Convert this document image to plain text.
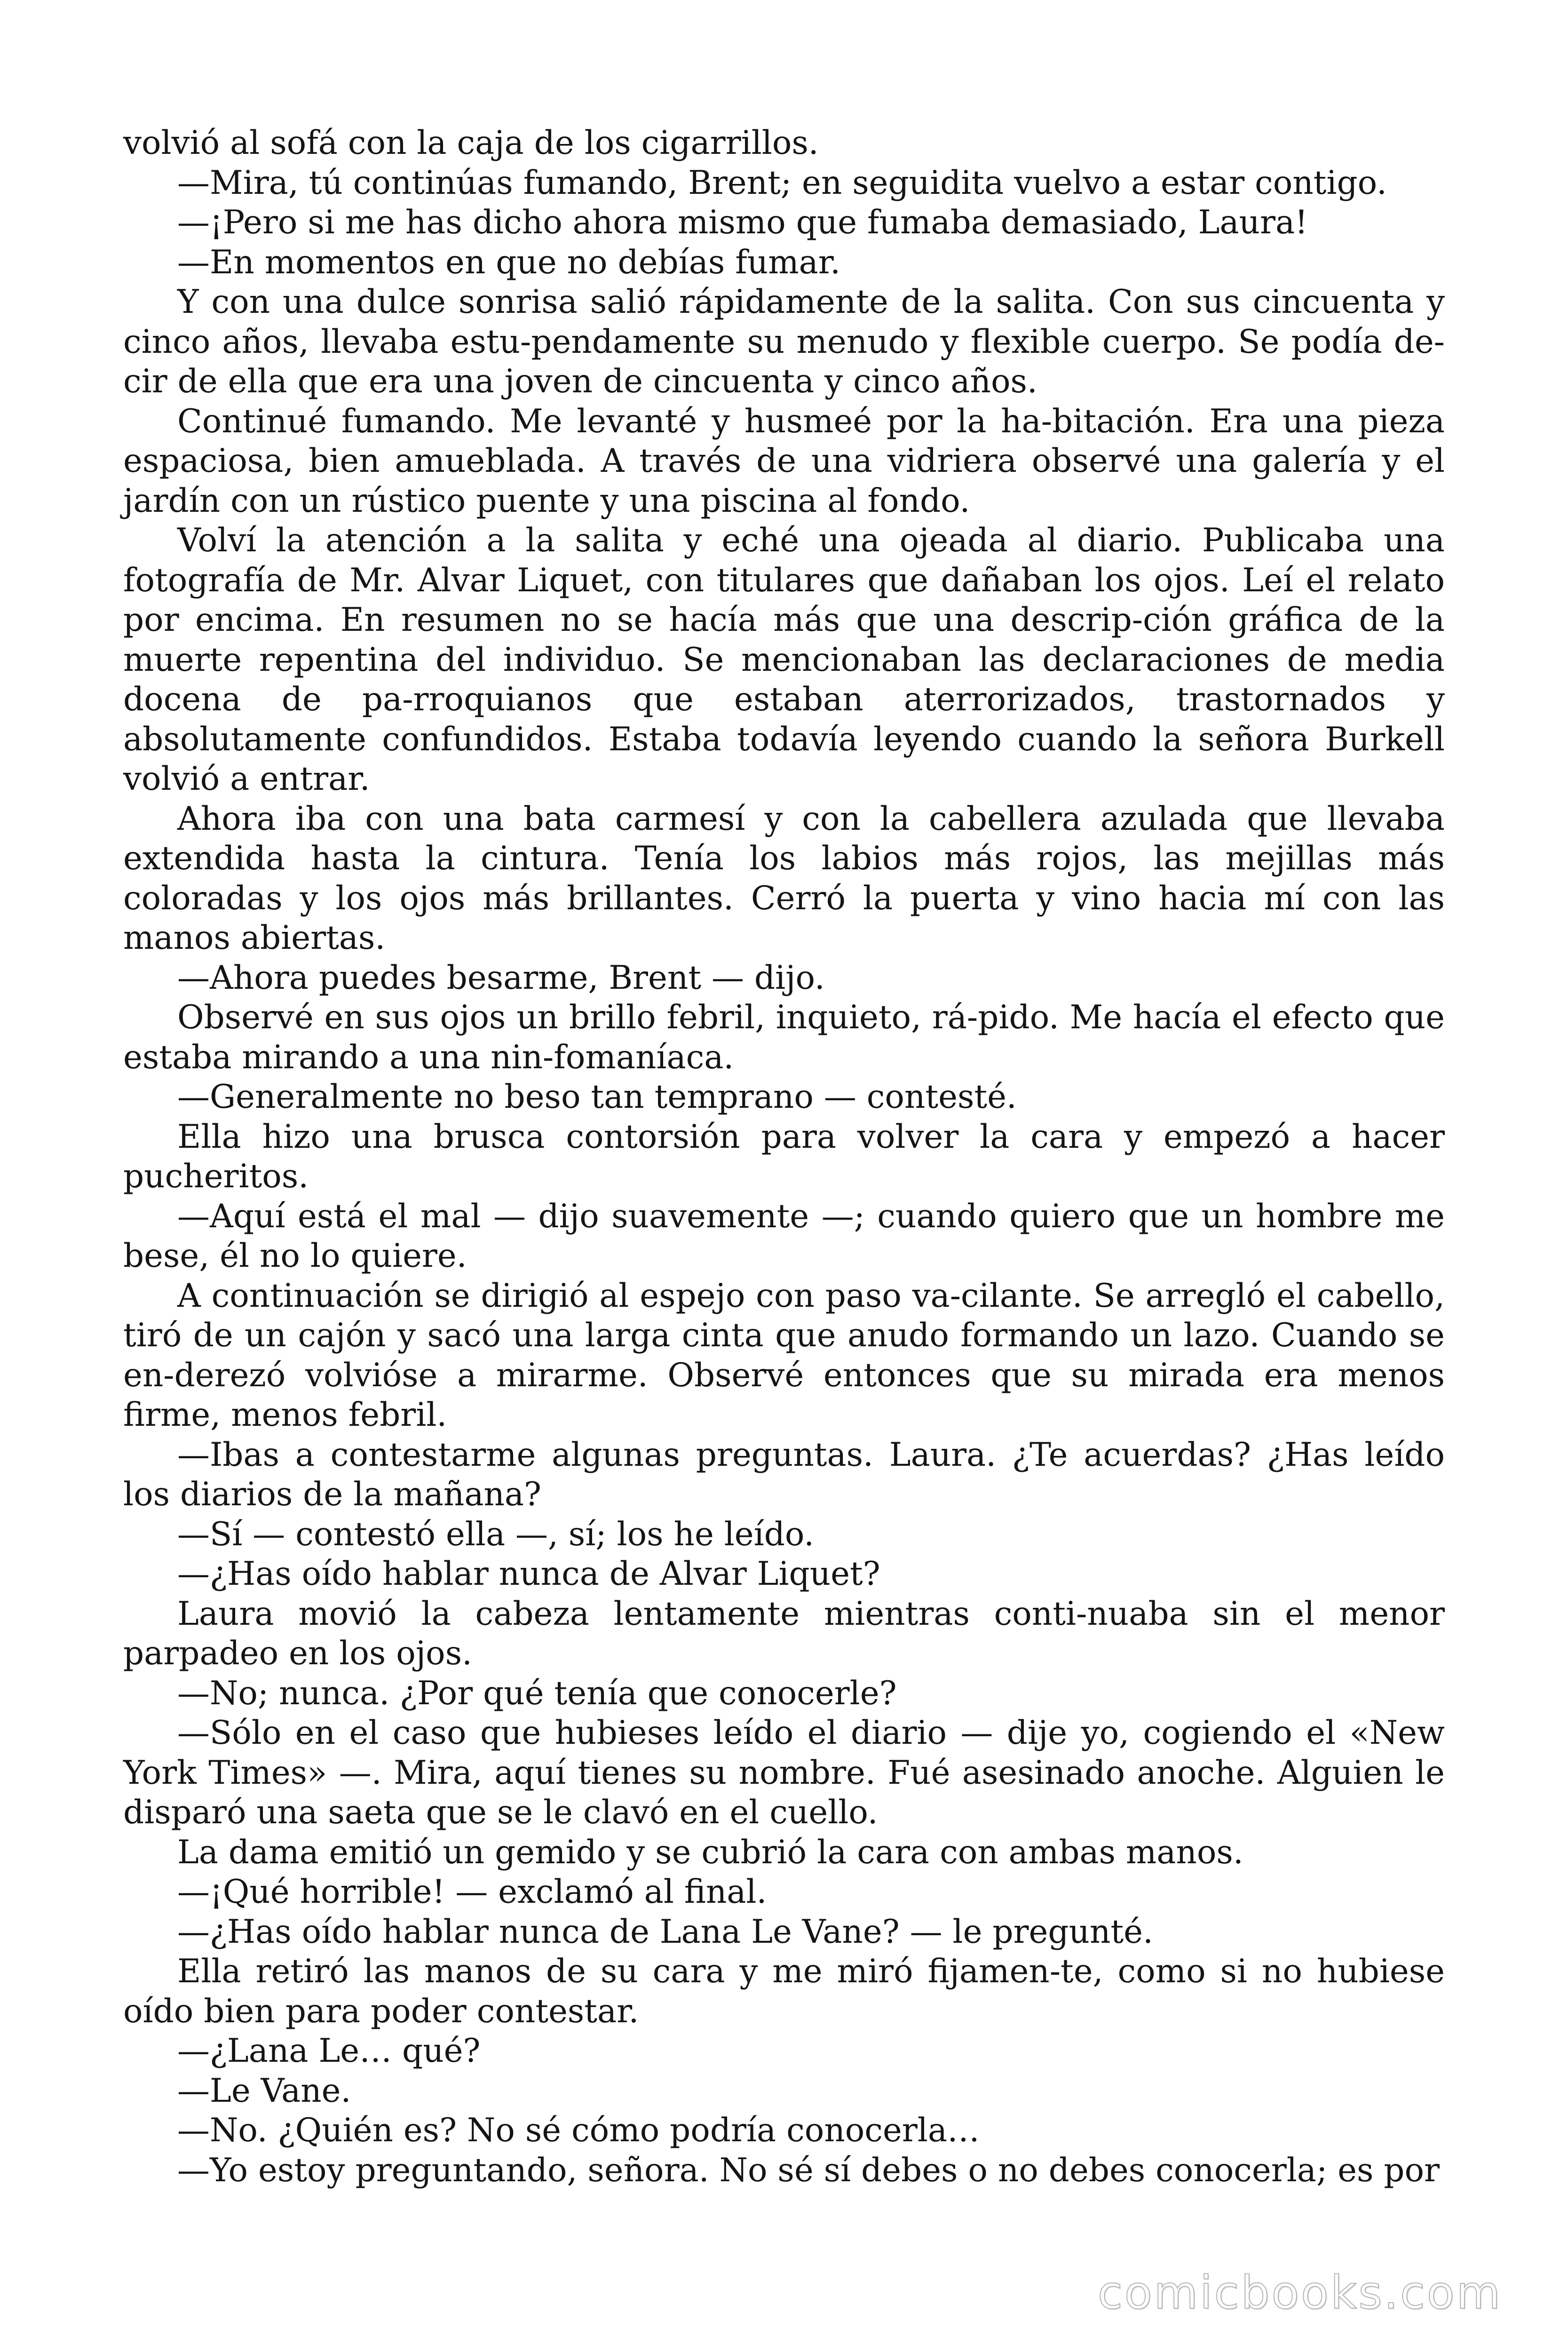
volvió al sofá con la caja de los cigarrillos.

—Mira, tú continúas fumando, Brent; en seguidita vuelvo a estar contigo.

—¡Pero si me has dicho ahora mismo que fumaba demasiado, Laura!

—En momentos en que no debías fumar.

Y con una dulce sonrisa salió rápidamente de la salita. Con sus cincuenta y cinco años, llevaba estu-pendamente su menudo y flexible cuerpo. Se podía de-cir de ella que era una joven de cincuenta y cinco años.

Continué fumando. Me levanté y husmeé por la ha-bitación. Era una pieza espaciosa, bien amueblada. A través de una vidriera observé una galería y el jardín con un rústico puente y una piscina al fondo.

Volví la atención a la salita y eché una ojeada al diario. Publicaba una fotografía de Mr. Alvar Liquet, con titulares que dañaban los ojos. Leí el relato por encima. En resumen no se hacía más que una descrip-ción gráfica de la muerte repentina del individuo. Se mencionaban las declaraciones de media docena de pa-rroquianos que estaban aterrorizados, trastornados y absolutamente confundidos. Estaba todavía leyendo cuando la señora Burkell volvió a entrar.

Ahora iba con una bata carmesí y con la cabellera azulada que llevaba extendida hasta la cintura. Tenía los labios más rojos, las mejillas más coloradas y los ojos más brillantes. Cerró la puerta y vino hacia mí con las manos abiertas.

—Ahora puedes besarme, Brent — dijo.

Observé en sus ojos un brillo febril, inquieto, rá-pido. Me hacía el efecto que estaba mirando a una nin-fomaníaca.

—Generalmente no beso tan temprano — contesté.

Ella hizo una brusca contorsión para volver la cara y empezó a hacer pucheritos.

—Aquí está el mal — dijo suavemente —; cuando quiero que un hombre me bese, él no lo quiere.

A continuación se dirigió al espejo con paso va-cilante. Se arregló el cabello, tiró de un cajón y sacó una larga cinta que anudo formando un lazo. Cuando se en-derezó volvióse a mirarme. Observé entonces que su mirada era menos firme, menos febril.

—Ibas a contestarme algunas preguntas. Laura. ¿Te acuerdas? ¿Has leído los diarios de la mañana?

—Sí — contestó ella —, sí; los he leído.

—¿Has oído hablar nunca de Alvar Liquet?

Laura movió la cabeza lentamente mientras conti-nuaba sin el menor parpadeo en los ojos.

—No; nunca. ¿Por qué tenía que conocerle?

—Sólo en el caso que hubieses leído el diario — dije yo, cogiendo el «New York Times» —. Mira, aquí tienes su nombre. Fué asesinado anoche. Alguien le disparó una saeta que se le clavó en el cuello.

La dama emitió un gemido y se cubrió la cara con ambas manos.

—¡Qué horrible! — exclamó al final.

—¿Has oído hablar nunca de Lana Le Vane? — le pregunté.

Ella retiró las manos de su cara y me miró fijamen-te, como si no hubiese oído bien para poder contestar.

—¿Lana Le… qué?

—Le Vane.

—No. ¿Quién es? No sé cómo podría conocerla…

—Yo estoy preguntando, señora. No sé sí debes o no debes conocerla; es por

comicbooks.com
